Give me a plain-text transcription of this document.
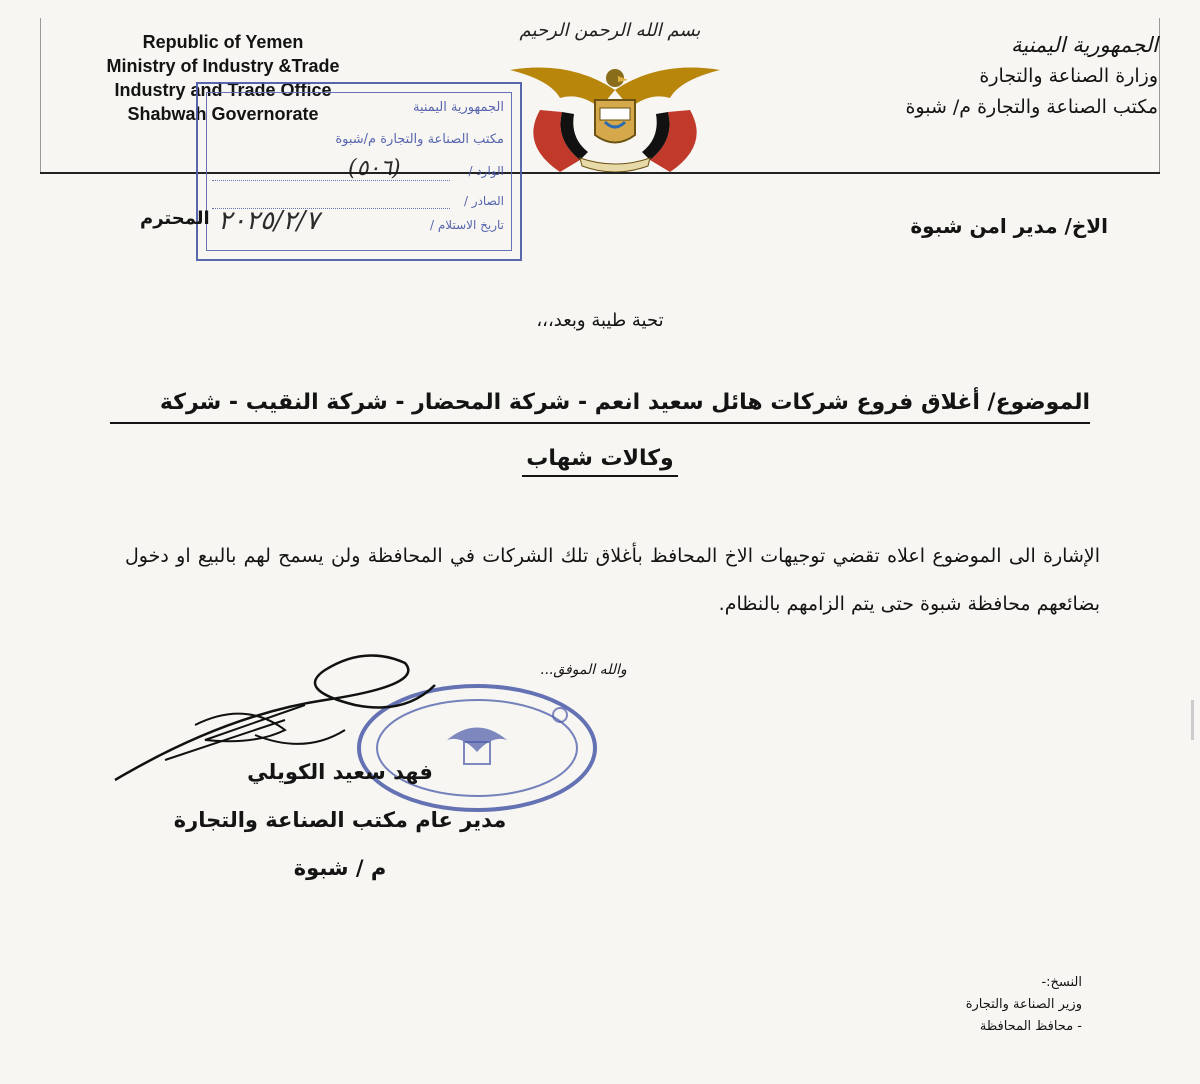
Republic of Yemen
Ministry of Industry &Trade
Industry and Trade Office
Shabwah Governorate
بسم الله الرحمن الرحيم
الجمهورية اليمنية
وزارة الصناعة والتجارة
مكتب الصناعة والتجارة م/ شبوة
الجمهورية اليمنية
مكتب الصناعة والتجارة م/شبوة
الوارد /
(٥٠٦)
الصادر /
تاريخ الاستلام /
٢٠٢٥/٢/٧	الاخ/ مدير امن شبوة
المحترم
تحية طيبة وبعد،،،
الموضوع/ أغلاق فروع شركات هائل سعيد انعم - شركة المحضار - شركة النقيب - شركة
وكالات شهاب
الإشارة الى الموضوع اعلاه تقضي توجيهات الاخ المحافظ بأغلاق تلك الشركات في المحافظة ولن يسمح لهم بالبيع او دخول بضائعهم محافظة شبوة حتى يتم الزامهم بالنظام.
والله الموفق...
فهد سعيد الكويلي
مدير عام مكتب الصناعة والتجارة
م / شبوة
النسخ:-
وزير الصناعة والتجارة
- محافظ المحافظة
